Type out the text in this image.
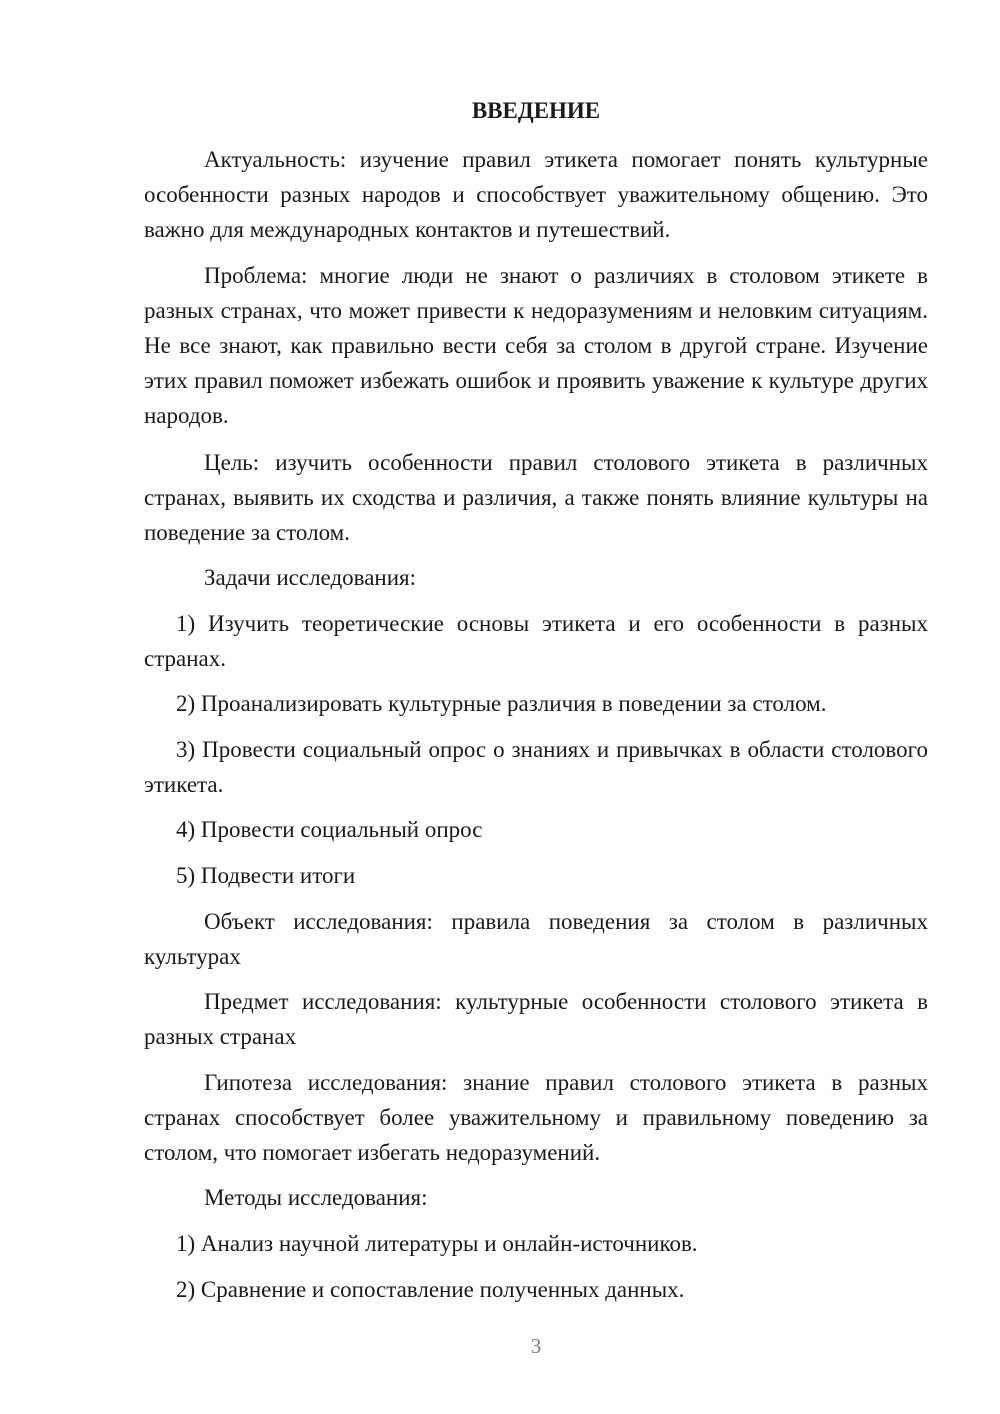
ВВЕДЕНИЕ
Актуальность: изучение правил этикета помогает понять культурные особенности разных народов и способствует уважительному общению. Это важно для международных контактов и путешествий.
Проблема: многие люди не знают о различиях в столовом этикете в разных странах, что может привести к недоразумениям и неловким ситуациям. Не все знают, как правильно вести себя за столом в другой стране. Изучение этих правил поможет избежать ошибок и проявить уважение к культуре других народов.
Цель: изучить особенности правил столового этикета в различных странах, выявить их сходства и различия, а также понять влияние культуры на поведение за столом.
Задачи исследования:
1) Изучить теоретические основы этикета и его особенности в разных странах.
2) Проанализировать культурные различия в поведении за столом.
3) Провести социальный опрос о знаниях и привычках в области столового этикета.
4) Провести социальный опрос
5) Подвести итоги
Объект исследования: правила поведения за столом в различных культурах
Предмет исследования: культурные особенности столового этикета в разных странах
Гипотеза исследования: знание правил столового этикета в разных странах способствует более уважительному и правильному поведению за столом, что помогает избегать недоразумений.
Методы исследования:
1) Анализ научной литературы и онлайн-источников.
2) Сравнение и сопоставление полученных данных.
3
